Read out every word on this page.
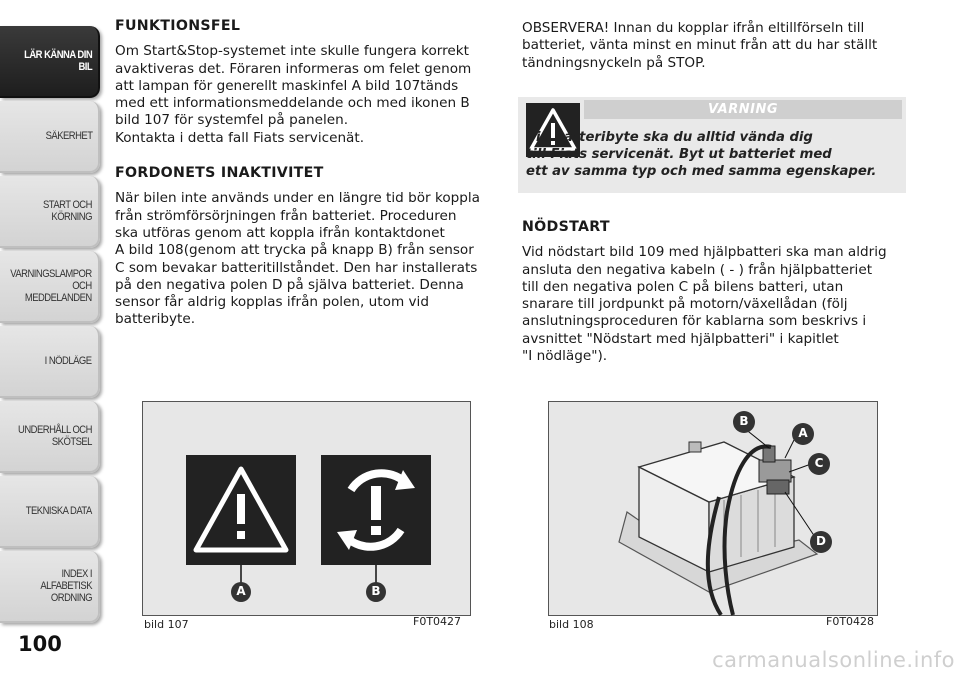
LÄR KÄNNA DIN
BIL
SÄKERHET
START OCH
KÖRNING
VARNINGSLAMPOR
OCH
MEDDELANDEN
I NÖDLÄGE
UNDERHÅLL OCH
SKÖTSEL
TEKNISKA DATA
INDEX I ALFABETISK
ORDNING
100
FUNKTIONSFEL
Om Start&Stop-systemet inte skulle fungera korrekt
avaktiveras det. Föraren informeras om felet genom
att lampan för generellt maskinfel A bild 107tänds
med ett informationsmeddelande och med ikonen B
bild 107 för systemfel på panelen.
Kontakta i detta fall Fiats servicenät.
FORDONETS INAKTIVITET
När bilen inte används under en längre tid bör koppla
från strömförsörjningen från batteriet. Proceduren
ska utföras genom att koppla ifrån kontaktdonet
A bild 108(genom att trycka på knapp B) från sensor
C som bevakar batteritillståndet. Den har installerats
på den negativa polen D på själva batteriet. Denna
sensor får aldrig kopplas ifrån polen, utom vid
batteribyte.
OBSERVERA! Innan du kopplar ifrån eltillförseln till
batteriet, vänta minst en minut från att du har ställt
tändningsnyckeln på STOP.
VARNING
Vid batteribyte ska du alltid vända dig
till Fiats servicenät. Byt ut batteriet med
ett av samma typ och med samma egenskaper.
NÖDSTART
Vid nödstart bild 109 med hjälpbatteri ska man aldrig
ansluta den negativa kabeln ( - ) från hjälpbatteriet
till den negativa polen C på bilens batteri, utan
snarare till jordpunkt på motorn/växellådan (följ
anslutningsproceduren för kablarna som beskrivs i
avsnittet "Nödstart med hjälpbatteri" i kapitlet
"I nödläge").
A	B
bild 107	F0T0427
B
A
C
D
bild 108	F0T0428
carmanualsonline.info
